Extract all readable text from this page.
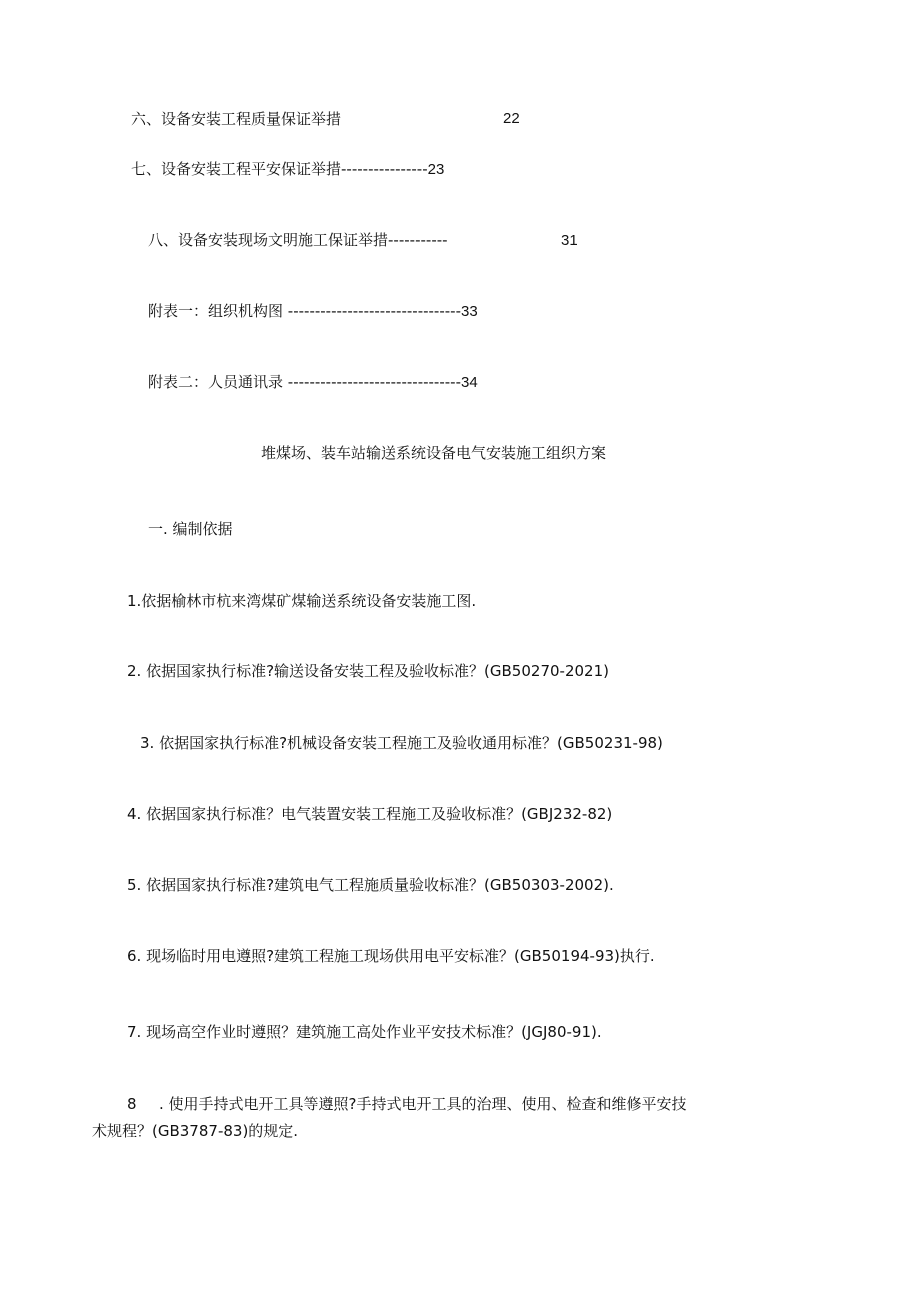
六、设备安装工程质量保证举措	22
七、设备安装工程平安保证举措----------------23
八、设备安装现场文明施工保证举措-----------	31
附表一：组织机构图 --------------------------------33
附表二：人员通讯录 --------------------------------34
堆煤场、装车站输送系统设备电气安装施工组织方案
一. 编制依据
1.依据榆林市杭来湾煤矿煤输送系统设备安装施工图.
2. 依据国家执行标准?输送设备安装工程及验收标准？(GB50270-2021)
3. 依据国家执行标准?机械设备安装工程施工及验收通用标准？(GB50231-98)
4. 依据国家执行标准？电气装置安装工程施工及验收标准？(GBJ232-82)
5. 依据国家执行标准?建筑电气工程施质量验收标准？(GB50303-2002).
6. 现场临时用电遵照?建筑工程施工现场供用电平安标准？(GB50194-93)执行.
7. 现场高空作业时遵照？建筑施工高处作业平安技术标准？(JGJ80-91).
8 . 使用手持式电开工具等遵照?手持式电开工具的治理、使用、检查和维修平安技
术规程？(GB3787-83)的规定.
